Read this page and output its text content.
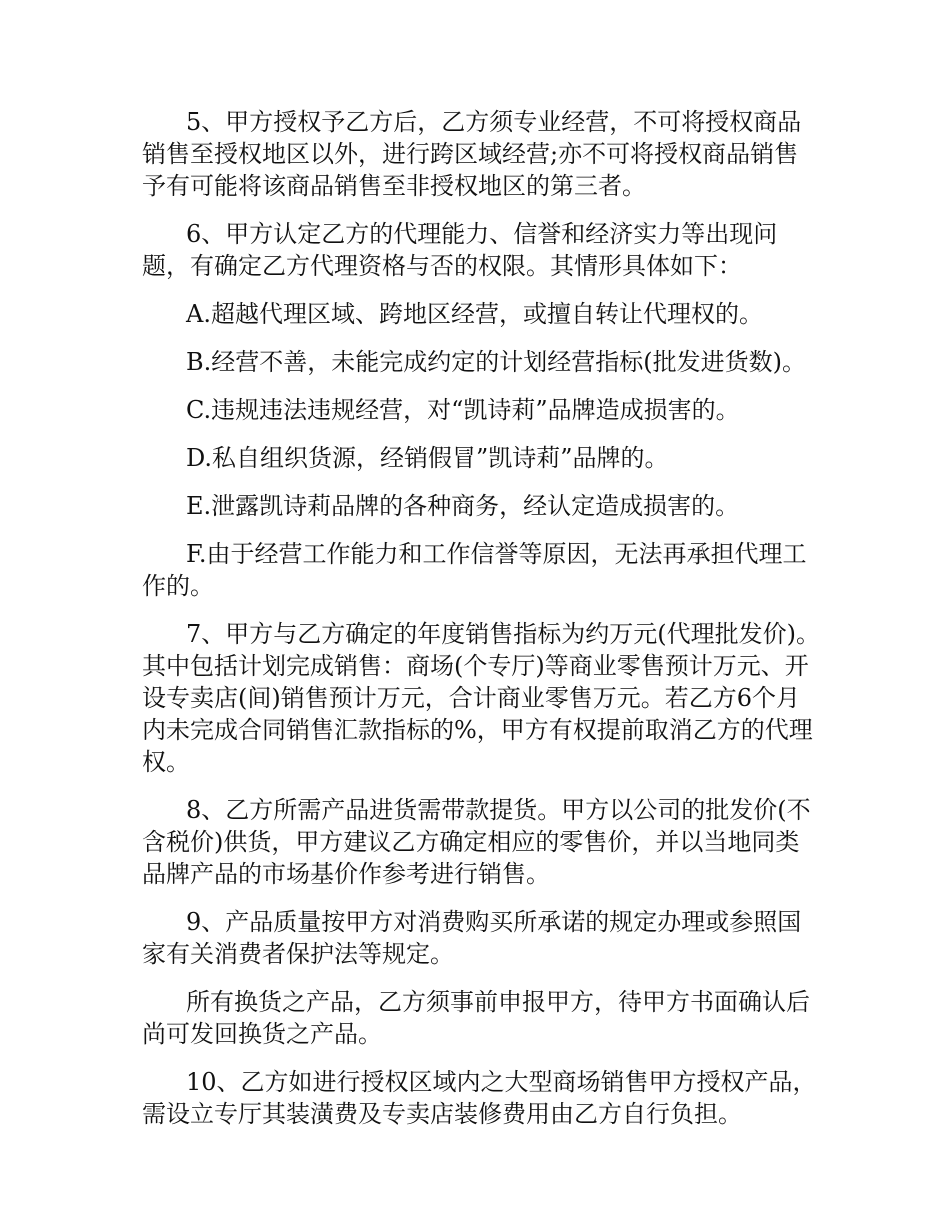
5、甲方授权予乙方后，乙方须专业经营，不可将授权商品销售至授权地区以外，进行跨区域经营;亦不可将授权商品销售予有可能将该商品销售至非授权地区的第三者。

6、甲方认定乙方的代理能力、信誉和经济实力等出现问题，有确定乙方代理资格与否的权限。其情形具体如下：

A.超越代理区域、跨地区经营，或擅自转让代理权的。

B.经营不善，未能完成约定的计划经营指标(批发进货数)。

C.违规违法违规经营，对“凯诗莉”品牌造成损害的。

D.私自组织货源，经销假冒”凯诗莉”品牌的。

E.泄露凯诗莉品牌的各种商务，经认定造成损害的。

F.由于经营工作能力和工作信誉等原因，无法再承担代理工作的。

7、甲方与乙方确定的年度销售指标为约万元(代理批发价)。其中包括计划完成销售：商场(个专厅)等商业零售预计万元、开设专卖店(间)销售预计万元，合计商业零售万元。若乙方6个月内未完成合同销售汇款指标的%，甲方有权提前取消乙方的代理权。

8、乙方所需产品进货需带款提货。甲方以公司的批发价(不含税价)供货，甲方建议乙方确定相应的零售价，并以当地同类品牌产品的市场基价作参考进行销售。

9、产品质量按甲方对消费购买所承诺的规定办理或参照国家有关消费者保护法等规定。

所有换货之产品，乙方须事前申报甲方，待甲方书面确认后尚可发回换货之产品。

10、乙方如进行授权区域内之大型商场销售甲方授权产品，需设立专厅其装潢费及专卖店装修费用由乙方自行负担。
